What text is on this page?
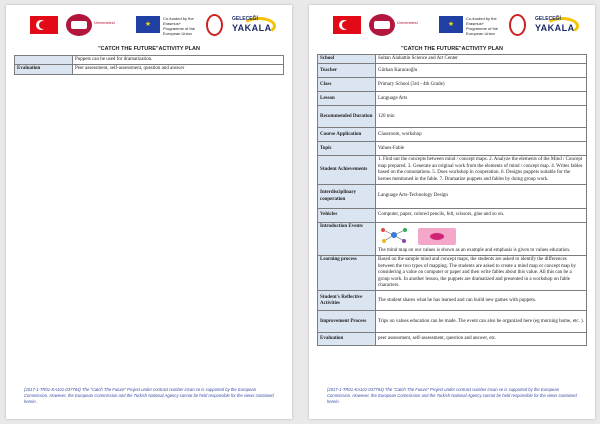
Üniversitesi	★
Co-funded by the Erasmus+ Programme of the European Union
GELECEĞİ
YAKALA
"CATCH THE FUTURE"ACTIVITY PLAN
	Puppets can be used for dramatization.
Evaluation	Peer assessment, self-assessment, question and answer
(2017-1-TR01-KA101-037784) The "Catch The Future" Project under contract number insan.se is supported by the European Commission. However, the European Commission and the Turkish National Agency cannot be held responsible for the views contained herein.
Üniversitesi	★
Co-funded by the Erasmus+ Programme of the European Union
GELECEĞİ
YAKALA
"CATCH THE FUTURE"ACTIVITY PLAN
School	Sultan Alahattin Science and Art Center
Teacher	Gürkan Karacaoğlu
Class	Primary School (3rd - 4th Grade)
Lesson	Language Arts
Recommended Duration	120 min
Course Application	Classroom, workshop
Topic	Values-Fable
Student Achievements	1. Find out the concepts between mind / concept maps. 2. Analyze the elements of the Mind / Concept map prepared. 3. Generate an original work from the elements of mind / concept map. 4. Writes fables based on the connotations. 5. Does workshop in cooperation. 6. Designs puppets suitable for the heroes mentioned in the fable. 7. Dramatize puppets and fables by doing group work.
Interdisciplinary cooperation	Language Arts-Technology Design
Vehicles	Computer, paper, colored pencils, felt, scissors, glue and so on.
Introduction Events	The mind map on our values is shown as an example and emphasis is given to values education.

Learning process	Based on the sample mind and concept maps, the students are asked to identify the differences between the two types of mapping. The students are asked to create a mind map or concept map by considering a value on computer or paper and then write fables about this value. All this can be a group work. In another lesson, the puppets are dramatized and presented in a workshop on fable characters.
Student's Reflective Activities	The student shares what he has learned and can build new games with puppets.
Improvement Process	Trips on values education can be made. The event can also be organized here (eg morning home, etc. ).
Evaluation	peer assessment, self-assessment, question and answer, etc.
(2017-1-TR01-KA101-037784) The "Catch The Future" Project under contract number insan.se is supported by the European Commission. However, the European Commission and the Turkish National Agency cannot be held responsible for the views contained herein.
